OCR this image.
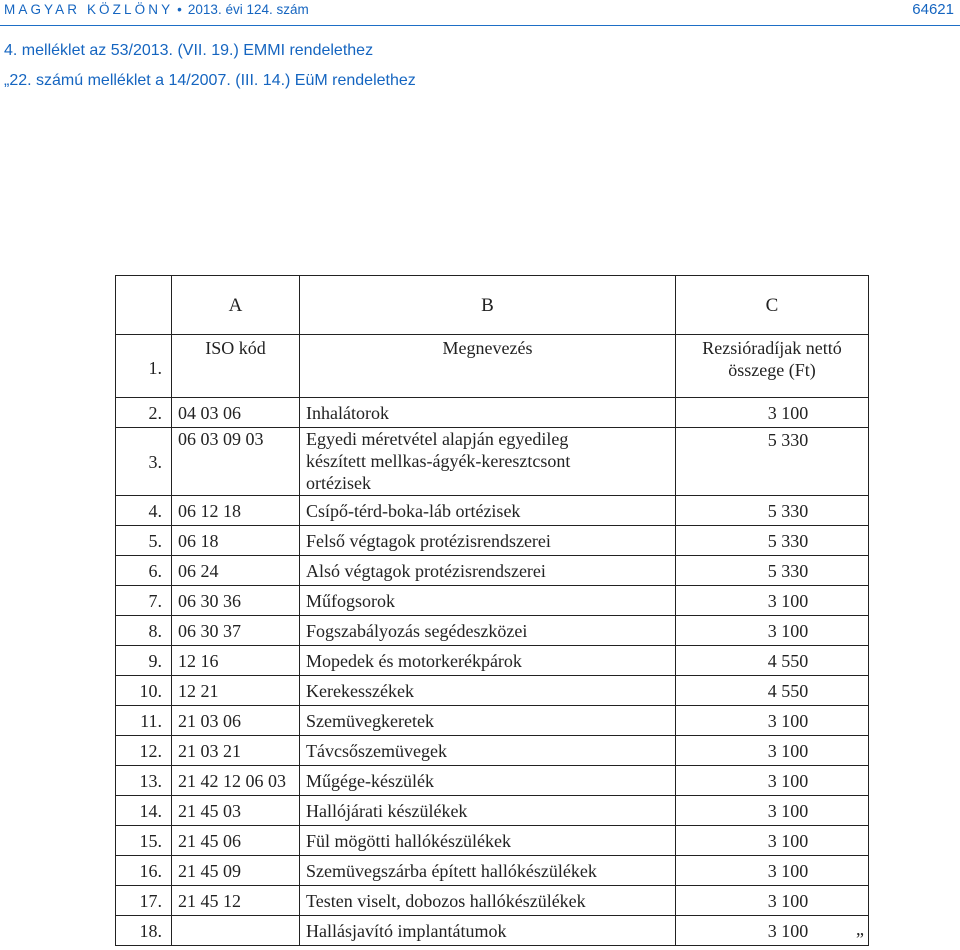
MAGYAR KÖZLÖNY • 2013. évi 124. szám	64621
4. melléklet az 53/2013. (VII. 19.) EMMI rendelethez
„22. számú melléklet a 14/2007. (III. 14.) EüM rendelethez
	A	B	C
1.	ISO kód	Megnevezés	Rezsióradíjak nettó
összege (Ft)

2.	04 03 06	Inhalátorok	3 100
3.	06 03 09 03	Egyedi méretvétel alapján egyedileg
készített mellkas-ágyék-keresztcsont
ortézisek	5 330
4.	06 12 18	Csípő-térd-boka-láb ortézisek	5 330
5.	06 18	Felső végtagok protézisrendszerei	5 330
6.	06 24	Alsó végtagok protézisrendszerei	5 330
7.	06 30 36	Műfogsorok	3 100
8.	06 30 37	Fogszabályozás segédeszközei	3 100
9.	12 16	Mopedek és motorkerékpárok	4 550
10.	12 21	Kerekesszékek	4 550
11.	21 03 06	Szemüvegkeretek	3 100
12.	21 03 21	Távcsőszemüvegek	3 100
13.	21 42 12 06 03	Műgége-készülék	3 100
14.	21 45 03	Hallójárati készülékek	3 100
15.	21 45 06	Fül mögötti hallókészülékek	3 100
16.	21 45 09	Szemüvegszárba épített hallókészülékek	3 100
17.	21 45 12	Testen viselt, dobozos hallókészülékek	3 100
18.		Hallásjavító implantátumok	3 100	”
